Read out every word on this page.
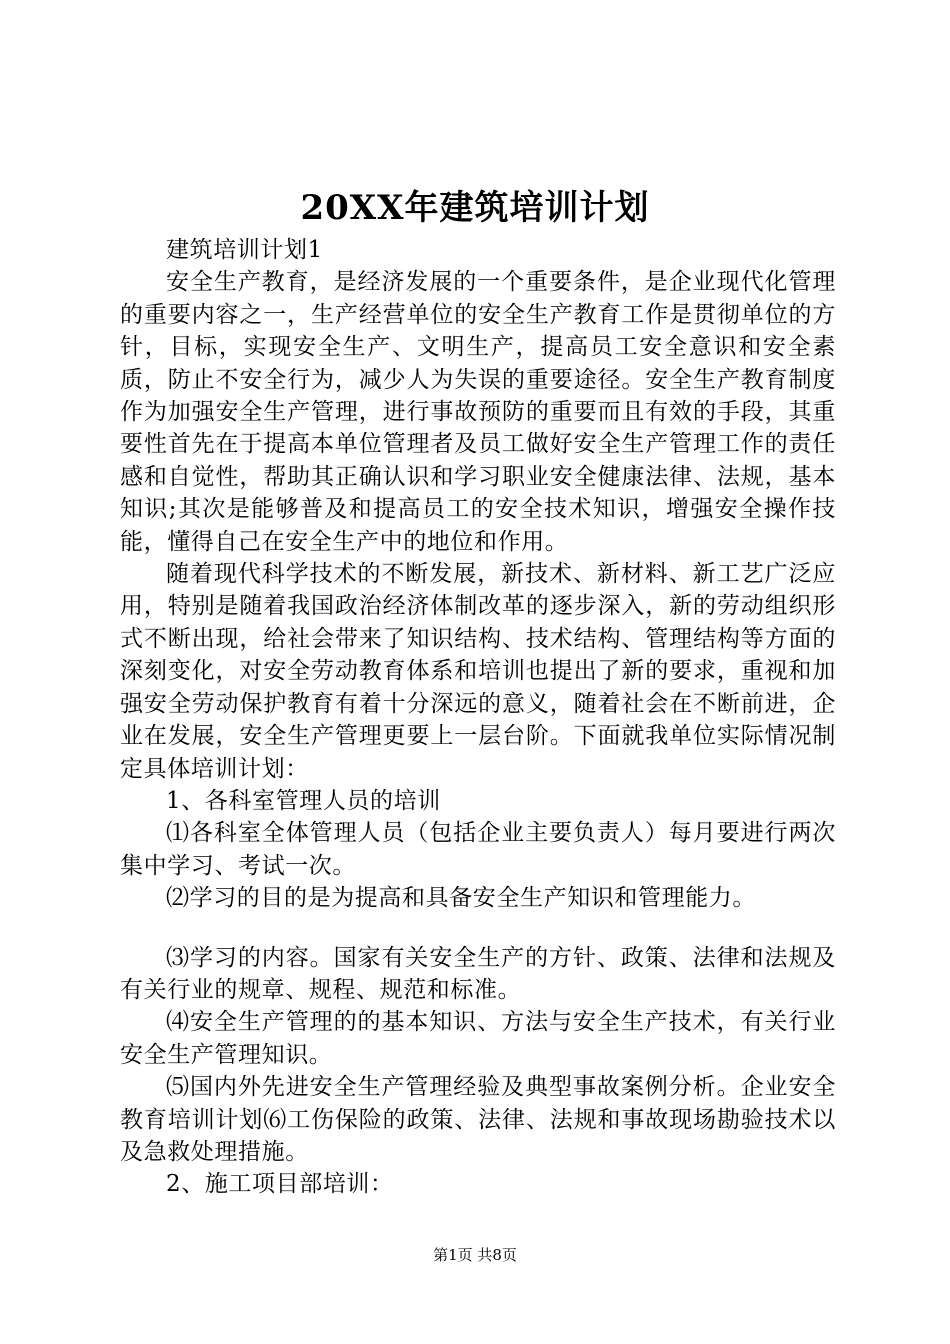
20XX年建筑培训计划

建筑培训计划1

安全生产教育，是经济发展的一个重要条件，是企业现代化管理的重要内容之一，生产经营单位的安全生产教育工作是贯彻单位的方针，目标，实现安全生产、文明生产，提高员工安全意识和安全素质，防止不安全行为，减少人为失误的重要途径。安全生产教育制度作为加强安全生产管理，进行事故预防的重要而且有效的手段，其重要性首先在于提高本单位管理者及员工做好安全生产管理工作的责任感和自觉性，帮助其正确认识和学习职业安全健康法律、法规，基本知识;其次是能够普及和提高员工的安全技术知识，增强安全操作技能，懂得自己在安全生产中的地位和作用。

随着现代科学技术的不断发展，新技术、新材料、新工艺广泛应用，特别是随着我国政治经济体制改革的逐步深入，新的劳动组织形式不断出现，给社会带来了知识结构、技术结构、管理结构等方面的深刻变化，对安全劳动教育体系和培训也提出了新的要求，重视和加强安全劳动保护教育有着十分深远的意义，随着社会在不断前进，企业在发展，安全生产管理更要上一层台阶。下面就我单位实际情况制定具体培训计划：

1、各科室管理人员的培训

⑴各科室全体管理人员（包括企业主要负责人）每月要进行两次集中学习、考试一次。

⑵学习的目的是为提高和具备安全生产知识和管理能力。

⑶学习的内容。国家有关安全生产的方针、政策、法律和法规及有关行业的规章、规程、规范和标准。

⑷安全生产管理的的基本知识、方法与安全生产技术，有关行业安全生产管理知识。

⑸国内外先进安全生产管理经验及典型事故案例分析。企业安全教育培训计划⑹工伤保险的政策、法律、法规和事故现场勘验技术以及急救处理措施。

2、施工项目部培训：

第1页 共8页
